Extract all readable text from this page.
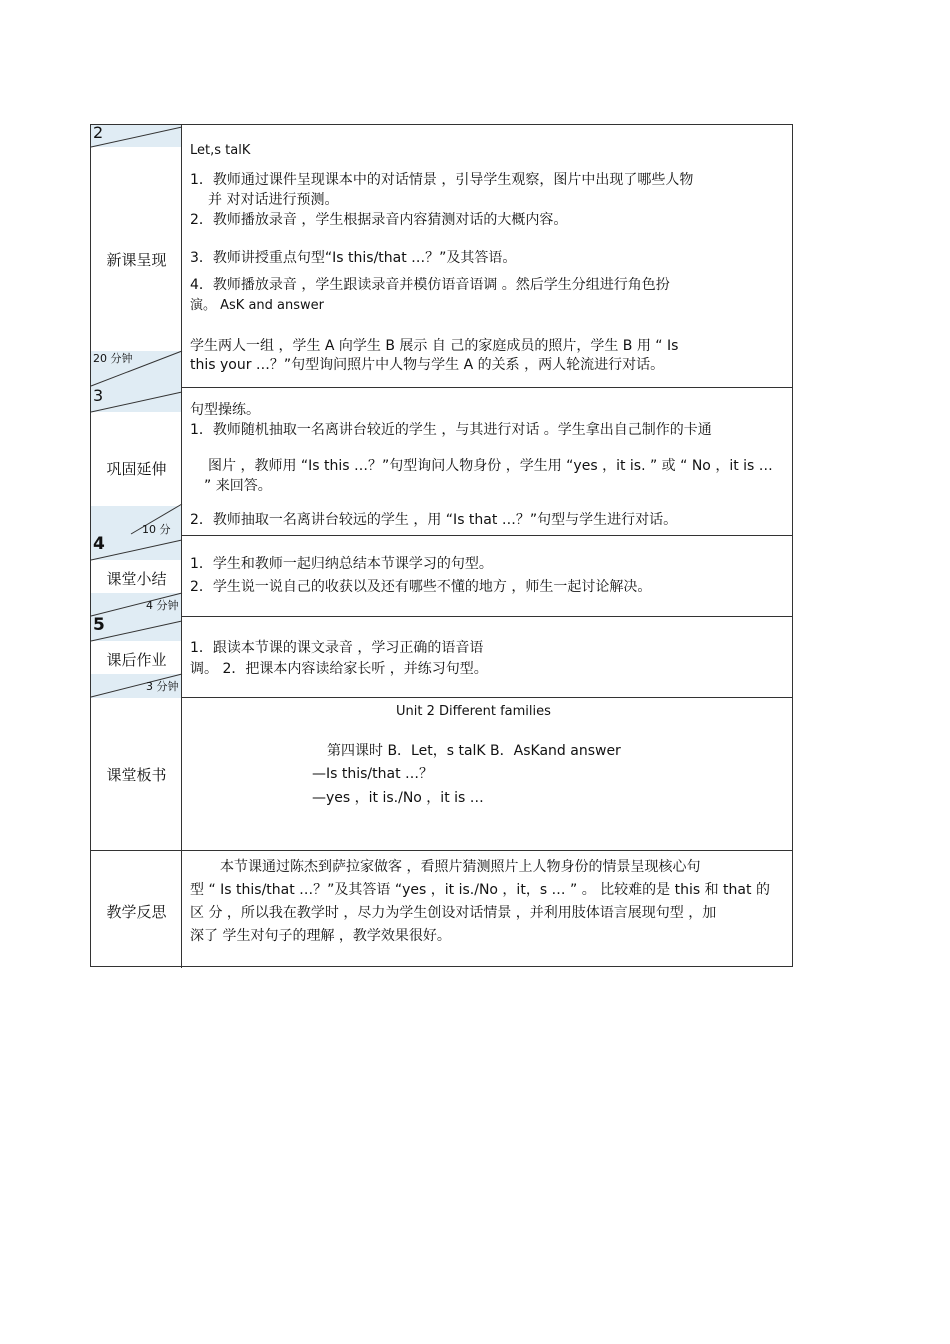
2
新课呈现
20 分钟
Let,s talK
1．教师通过课件呈现课本中的对话情景 ，引导学生观察，图片中出现了哪些人物
并 对对话进行预测。
2．教师播放录音 ，学生根据录音内容猜测对话的大概内容。
3．教师讲授重点句型“Is this/that …？”及其答语。
4．教师播放录音 ，学生跟读录音并模仿语音语调 。然后学生分组进行角色扮
演。 AsK and answer
学生两人一组 ，学生 A 向学生 B 展示 自 己的家庭成员的照片，学生 B 用 “ Is
this your …？”句型询问照片中人物与学生 A 的关系 ，两人轮流进行对话。
3
巩固延伸
10 分
句型操练。
1．教师随机抽取一名离讲台较近的学生 ，与其进行对话 。学生拿出自己制作的卡通
图片 ，教师用 “Is this …？”句型询问人物身份 ，学生用 “yes ，it is. ” 或 “ No ，it is …
” 来回答。
2．教师抽取一名离讲台较远的学生 ，用 “Is that …？”句型与学生进行对话。
4
课堂小结
4 分钟
1．学生和教师一起归纳总结本节课学习的句型。
2．学生说一说自己的收获以及还有哪些不懂的地方 ，师生一起讨论解决。
5
课后作业
3 分钟
1．跟读本节课的课文录音 ，学习正确的语音语
调。 2．把课本内容读给家长听 ，并练习句型。
课堂板书
Unit 2 Different families
第四课时 B．Let，s talK B．AsKand answer
—Is this/that …？
—yes ，it is./No ，it is …
教学反思
本节课通过陈杰到萨拉家做客 ，看照片猜测照片上人物身份的情景呈现核心句
型 “ Is this/that …？”及其答语 “yes ，it is./No ，it，s … ” 。 比较难的是 this 和 that 的
区 分 ，所以我在教学时 ，尽力为学生创设对话情景 ，并利用肢体语言展现句型 ，加
深了 学生对句子的理解 ，教学效果很好。
